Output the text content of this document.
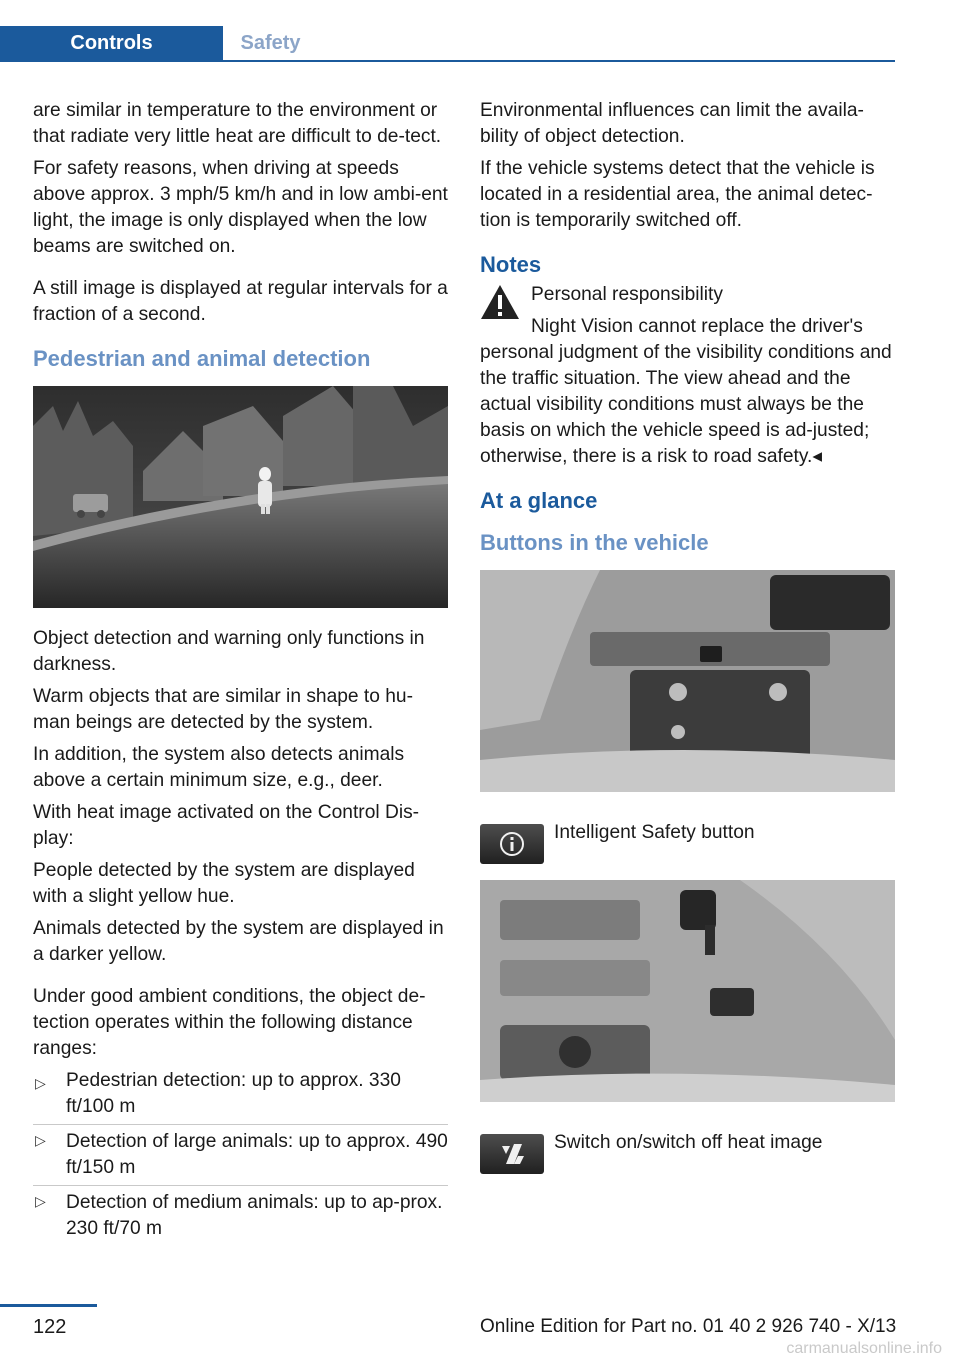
Controls	Safety

are similar in temperature to the environment or that radiate very little heat are difficult to de‐tect.

For safety reasons, when driving at speeds above approx. 3 mph/5 km/h and in low ambi‐ent light, the image is only displayed when the low beams are switched on.

A still image is displayed at regular intervals for a fraction of a second.

Pedestrian and animal detection

Object detection and warning only functions in darkness.

Warm objects that are similar in shape to hu‐man beings are detected by the system.

In addition, the system also detects animals above a certain minimum size, e.g., deer.

With heat image activated on the Control Dis‐play:

People detected by the system are displayed with a slight yellow hue.

Animals detected by the system are displayed in a darker yellow.

Under good ambient conditions, the object de‐tection operates within the following distance ranges:

▷ Pedestrian detection: up to approx. 330 ft/100 m
▷ Detection of large animals: up to approx. 490 ft/150 m
▷ Detection of medium animals: up to ap‐prox. 230 ft/70 m

Environmental influences can limit the availa‐bility of object detection.

If the vehicle systems detect that the vehicle is located in a residential area, the animal detec‐tion is temporarily switched off.

Notes

Personal responsibility

Night Vision cannot replace the driver's
personal judgment of the visibility conditions and the traffic situation. The view ahead and the actual visibility conditions must always be the basis on which the vehicle speed is ad‐justed; otherwise, there is a risk to road safety.◂
At a glance
Buttons in the vehicle
Intelligent Safety button
Switch on/switch off heat image
122	Online Edition for Part no. 01 40 2 926 740 - X/13
carmanualsonline.info
